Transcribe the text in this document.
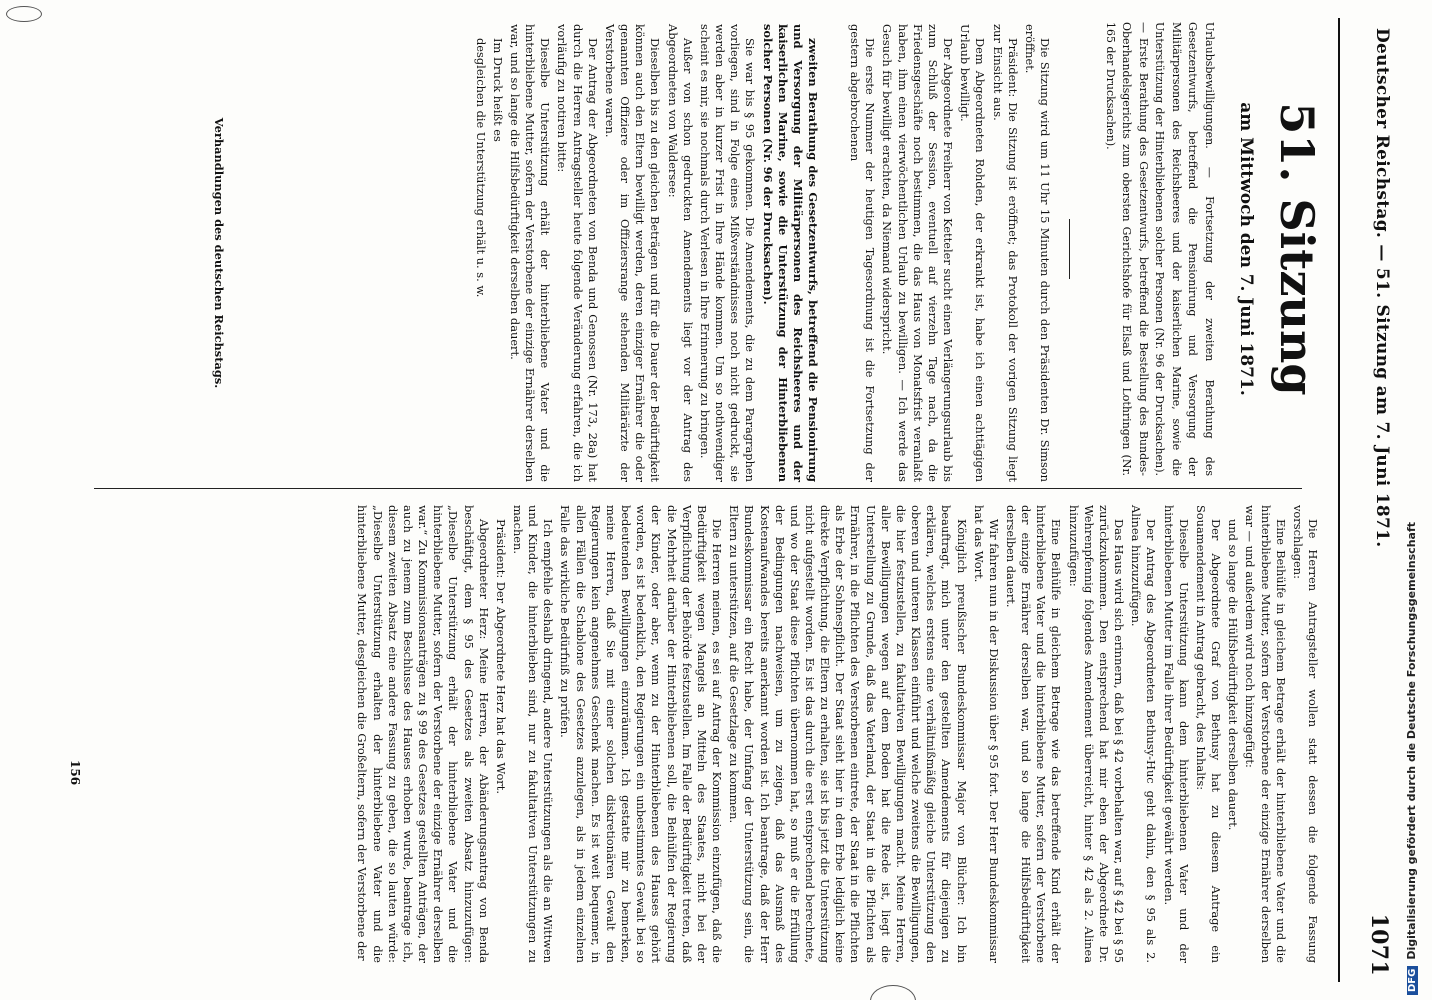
Deutscher Reichstag. — 51. Sitzung am 7. Juni 1871.
1071
51. Sitzung
am Mittwoch den 7. Juni 1871.
Urlaubsbewilligungen. — Fortsetzung der zweiten Berathung des Gesetzentwurfs, betreffend die Pensionirung und Versorgung der Militärpersonen des Reichsheeres und der kaiserlichen Marine, sowie die Unterstützung der Hinterbliebenen solcher Personen (Nr. 96 der Drucksachen). — Erste Berathung des Gesetzentwurfs, betreffend die Bestellung des Bundes-Oberhandelsgerichts zum obersten Gerichtshofe für Elsaß und Lothringen (Nr. 165 der Drucksachen).

Die Sitzung wird um 11 Uhr 15 Minuten durch den Präsidenten Dr. Simson eröffnet.

Präsident: Die Sitzung ist eröffnet; das Protokoll der vorigen Sitzung liegt zur Einsicht aus.

Dem Abgeordneten Rohden, der erkrankt ist, habe ich einen achttägigen Urlaub bewilligt.

Der Abgeordnete Freiherr von Ketteler sucht einen Verlängerungsurlaub bis zum Schluß der Session, eventuell auf vierzehn Tage nach, da die Friedensgeschäfte noch bestimmen, die das Haus von Monatsfrist veranlaßt haben, ihm einen vierwöchentlichen Urlaub zu bewilligen. — Ich werde das Gesuch für bewilligt erachten, da Niemand widerspricht.

Die erste Nummer der heutigen Tagesordnung ist die Fortsetzung der gestern abgebrochenen

zweiten Berathung des Gesetzentwurfs, betreffend die Pensionirung und Versorgung der Militärpersonen des Reichsheeres und der kaiserlichen Marine, sowie die Unterstützung der Hinterbliebenen solcher Personen (Nr. 96 der Drucksachen).

Sie war bis § 95 gekommen. Die Amendements, die zu dem Paragraphen vorliegen, sind in Folge eines Mißverständnisses noch nicht gedruckt, sie werden aber in kurzer Frist in Ihre Hände kommen. Um so nothwendiger scheint es mir, sie nochmals durch Verlesen in Ihre Erinnerung zu bringen.

Außer von schon gedruckten Amendements liegt vor der Antrag des Abgeordneten von Waldersee:

Dieselben bis zu den gleichen Beträgen und für die Dauer der Bedürftigkeit können auch den Eltern bewilligt werden, deren einziger Ernährer die oder genannten Offiziere oder im Offiziersrange stehenden Militärärzte der Verstorbene waren.

Der Antrag der Abgeordneten von Benda und Genossen (Nr. 173, 28a) hat durch die Herren Antragsteller heute folgende Veränderung erfahren, die ich vorläufig zu notiren bitte:

Dieselbe Unterstützung erhält der hinterbliebene Vater und die hinterbliebene Mutter, sofern der Verstorbene der einzige Ernährer derselben war, und so lange die Hilfsbedürftigkeit derselben dauert.

Im Druck heißt es

desgleichen die Unterstützung erhält u. s. w.

Verhandlungen des deutschen Reichstags.

Die Herren Antragsteller wollen statt dessen die folgende Fassung vorschlagen:

Eine Beihülfe in gleichem Betrage erhält der hinterbliebene Vater und die hinterbliebene Mutter, sofern der Verstorbene der einzige Ernährer derselben war — und außerdem wird noch hinzugefügt:

und so lange die Hülfsbedürftigkeit derselben dauert.

Der Abgeordnete Graf von Bethusy hat zu diesem Antrage ein Souamendement in Antrag gebracht, des Inhalts:

Dieselbe Unterstützung kann dem hinterbliebenen Vater und der hinterbliebenen Mutter im Falle ihrer Bedürftigkeit gewährt werden.

Der Antrag des Abgeordneten Bethusy-Huc geht dahin, den § 95 als 2. Alinea hinzuzufügen.

Das Haus wird sich erinnern, daß bei § 42 vorbehalten war, auf § 42 bei § 95 zurückzukommen. Den entsprechend hat mir eben der Abgeordnete Dr. Wehrenpfennig folgendes Amendement überreicht, hinter § 42 als 2. Alinea hinzuzufügen:

Eine Beihülfe in gleichem Betrage wie das betreffende Kind erhält der hinterbliebene Vater und die hinterbliebene Mutter, sofern der Verstorbene der einzige Ernährer derselben war, und so lange die Hülfsbedürftigkeit derselben dauert.

Wir fahren nun in der Diskussion über § 95 fort. Der Herr Bundeskommissar hat das Wort.

Königlich preußischer Bundeskommissar Major von Blücher: Ich bin beauftragt, mich unter den gestellten Amendements für diejenigen zu erklären, welches erstens eine verhältnißmäßig gleiche Unterstützung den oberen und unteren Klassen einführt und welche zweitens die Bewilligungen, die hier festzustellen, zu fakultativen Bewilligungen macht. Meine Herren, aller Bewilligungen wegen auf dem Boden hat die Rede ist, liegt die Unterstellung zu Grunde, daß das Vaterland, der Staat in die Pflichten als Ernährer, in die Pflichten des Verstorbenen eintrete, der Staat in die Pflichten als Erbe der Sohnespflicht. Der Staat sieht hier in dem Erbe lediglich keine direkte Verpflichtung, die Eltern zu erhalten, sie ist bis jetzt die Unterstützung nicht aufgestellt worden. Es ist das durch die erst entsprechend berechnete, und wo der Staat diese Pflichten übernommen hat, so muß er die Erfüllung der Bedingungen nachweisen, um zu zeigen, daß das Ausmaß des Kostenaufwandes bereits anerkannt worden ist. Ich beantrage, daß der Herr Bundeskommissar ein Recht habe, der Umfang der Unterstützung sein, die Eltern zu unterstützen, auf die Gesetzlage zu kommen.

Die Herren meinen, es sei auf Antrag der Kommission einzufügen, daß die Bedürftigkeit wegen Mangels an Mitteln des Staates, nicht bei der Verpflichtung der Behörde festzustellen. Im Falle der Bedürftigkeit treten, daß die Mehrheit darüber der Hinterbliebenen soll, die Beihülfen der Regierung der Kinder, oder aber, wenn zu der Hinterbliebenen des Hauses gehört worden, es ist bedenklich, den Regierungen ein unbestimmtes Gewalt bei so bedeutenden Bewilligungen einzuräumen. Ich gestatte mir zu bemerken, meine Herren, daß Sie mit einer solchen diskretionären Gewalt den Regierungen kein angenehmes Geschenk machen. Es ist weit bequemer, in allen Fällen die Schablone des Gesetzes anzulegen, als in jedem einzelnen Falle das wirkliche Bedürfniß zu prüfen.

Ich empfehle deshalb dringend, andere Unterstützungen als die an Wittwen und Kinder, die hinterblieben sind, nur zu fakultativen Unterstützungen zu machen.

Präsident: Der Abgeordnete Herz hat das Wort.

Abgeordneter Herz: Meine Herren, der Abänderungsantrag von Benda beschäftigt, dem § 95 des Gesetzes als zweiten Absatz hinzuzufügen: „Dieselbe Unterstützung erhält der hinterbliebene Vater und die hinterbliebene Mutter, sofern der Verstorbene der einzige Ernährer derselben war.“ Zu Kommissionsanträgen zu § 99 des Gesetzes gestellten Anträgen, der auch zu jenem zum Beschlusse des Hauses erhoben wurde, beantrage ich, diesem zweiten Absatz eine andere Fassung zu geben, die so lauten würde: „Dieselbe Unterstützung erhalten der hinterbliebene Vater und die hinterbliebene Mutter, desgleichen die Großeltern, sofern der Verstorbene der

156
DFGDigitalisierung gefördert durch die Deutsche Forschungsgemeinschaft
